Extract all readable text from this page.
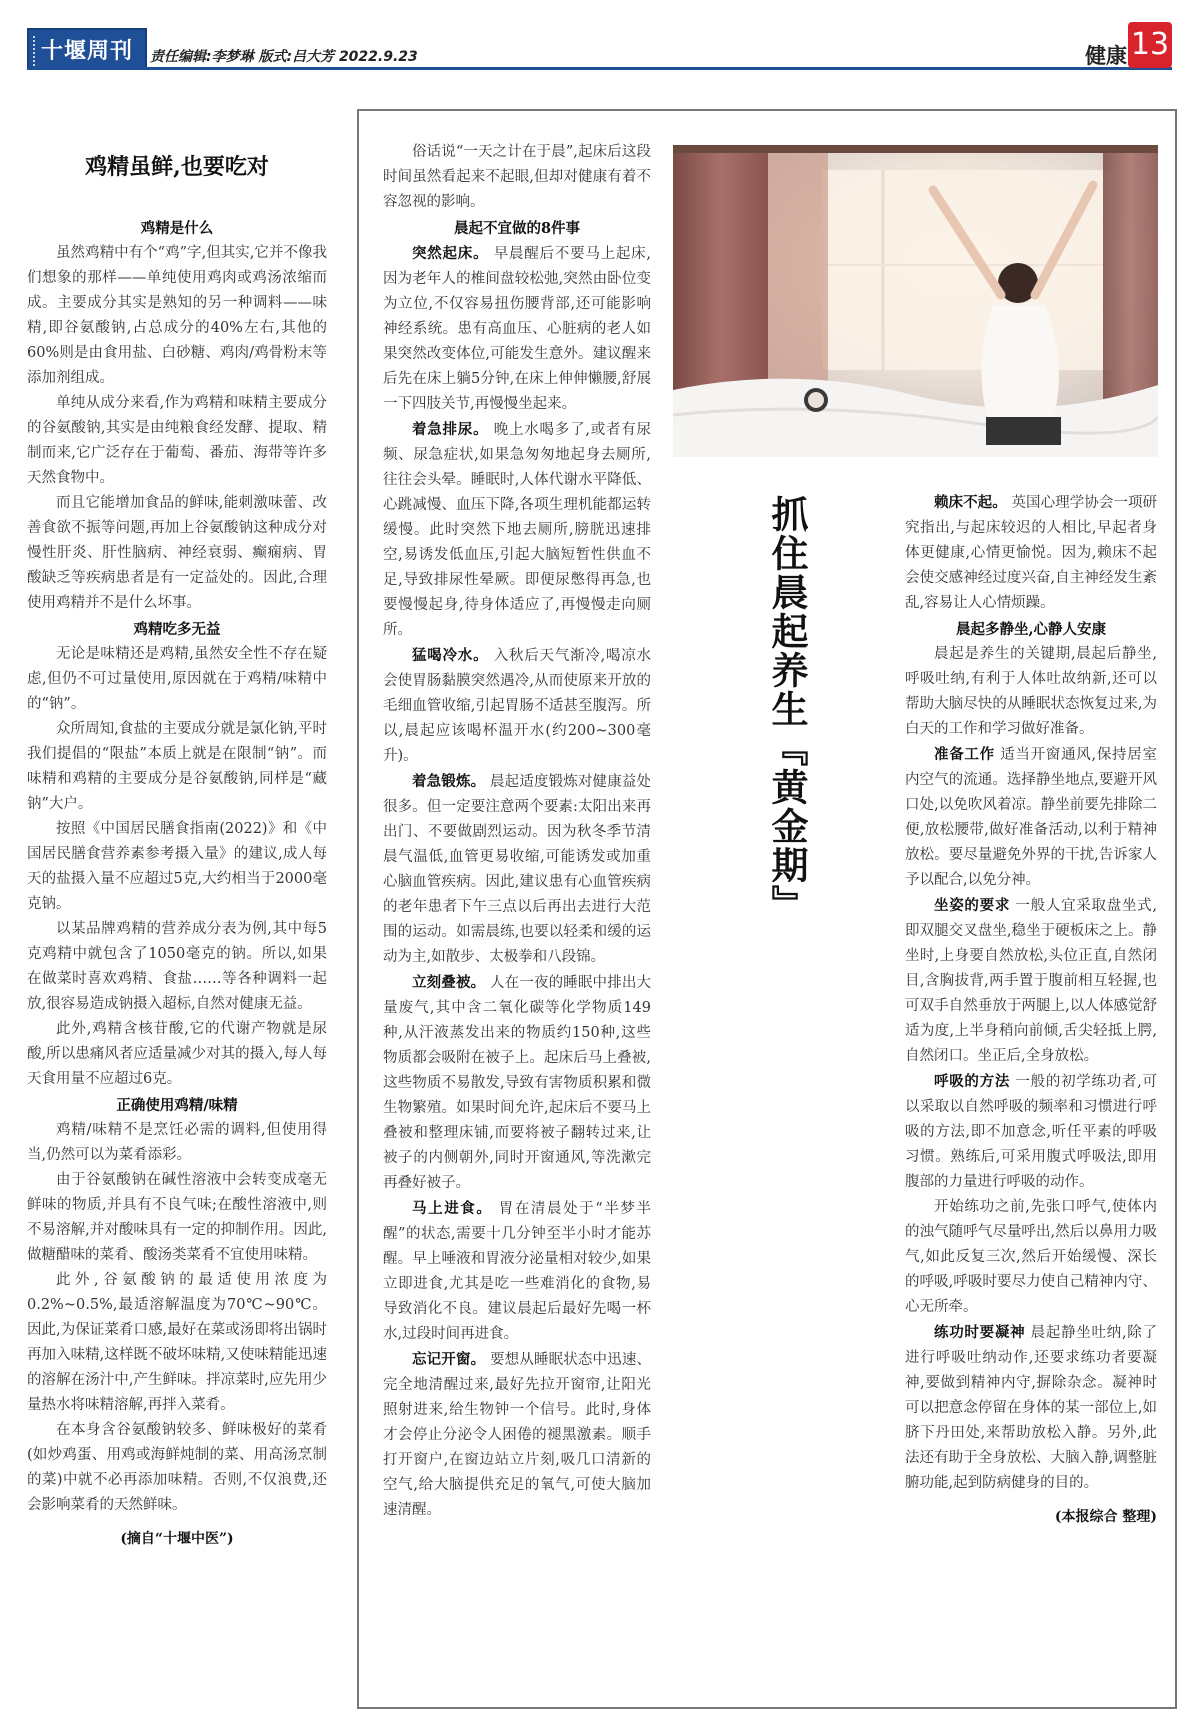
十堰周刊	责任编辑:李梦琳 版式:吕大芳 2022.9.23	健康 13
鸡精虽鲜,也要吃对
鸡精是什么

虽然鸡精中有个“鸡”字,但其实,它并不像我们想象的那样——单纯使用鸡肉或鸡汤浓缩而成。主要成分其实是熟知的另一种调料——味精,即谷氨酸钠,占总成分的40%左右,其他的60%则是由食用盐、白砂糖、鸡肉/鸡骨粉末等添加剂组成。

单纯从成分来看,作为鸡精和味精主要成分的谷氨酸钠,其实是由纯粮食经发酵、提取、精制而来,它广泛存在于葡萄、番茄、海带等许多天然食物中。

而且它能增加食品的鲜味,能刺激味蕾、改善食欲不振等问题,再加上谷氨酸钠这种成分对慢性肝炎、肝性脑病、神经衰弱、癫痫病、胃酸缺乏等疾病患者是有一定益处的。因此,合理使用鸡精并不是什么坏事。

鸡精吃多无益

无论是味精还是鸡精,虽然安全性不存在疑虑,但仍不可过量使用,原因就在于鸡精/味精中的“钠”。

众所周知,食盐的主要成分就是氯化钠,平时我们提倡的“限盐”本质上就是在限制“钠”。而味精和鸡精的主要成分是谷氨酸钠,同样是“藏钠”大户。

按照《中国居民膳食指南(2022)》和《中国居民膳食营养素参考摄入量》的建议,成人每天的盐摄入量不应超过5克,大约相当于2000毫克钠。

以某品牌鸡精的营养成分表为例,其中每5克鸡精中就包含了1050毫克的钠。所以,如果在做菜时喜欢鸡精、食盐……等各种调料一起放,很容易造成钠摄入超标,自然对健康无益。

此外,鸡精含核苷酸,它的代谢产物就是尿酸,所以患痛风者应适量减少对其的摄入,每人每天食用量不应超过6克。

正确使用鸡精/味精

鸡精/味精不是烹饪必需的调料,但使用得当,仍然可以为菜肴添彩。

由于谷氨酸钠在碱性溶液中会转变成毫无鲜味的物质,并具有不良气味;在酸性溶液中,则不易溶解,并对酸味具有一定的抑制作用。因此,做糖醋味的菜肴、酸汤类菜肴不宜使用味精。

此外,谷氨酸钠的最适使用浓度为0.2%~0.5%,最适溶解温度为70℃~90℃。因此,为保证菜肴口感,最好在菜或汤即将出锅时再加入味精,这样既不破坏味精,又使味精能迅速的溶解在汤汁中,产生鲜味。拌凉菜时,应先用少量热水将味精溶解,再拌入菜肴。

在本身含谷氨酸钠较多、鲜味极好的菜肴(如炒鸡蛋、用鸡或海鲜炖制的菜、用高汤烹制的菜)中就不必再添加味精。否则,不仅浪费,还会影响菜肴的天然鲜味。

(摘自“十堰中医”)

俗话说“一天之计在于晨”,起床后这段时间虽然看起来不起眼,但却对健康有着不容忽视的影响。

晨起不宜做的8件事

突然起床。 早晨醒后不要马上起床,因为老年人的椎间盘较松弛,突然由卧位变为立位,不仅容易扭伤腰背部,还可能影响神经系统。患有高血压、心脏病的老人如果突然改变体位,可能发生意外。建议醒来后先在床上躺5分钟,在床上伸伸懒腰,舒展一下四肢关节,再慢慢坐起来。

着急排尿。 晚上水喝多了,或者有尿频、尿急症状,如果急匆匆地起身去厕所,往往会头晕。睡眠时,人体代谢水平降低、心跳减慢、血压下降,各项生理机能都运转缓慢。此时突然下地去厕所,膀胱迅速排空,易诱发低血压,引起大脑短暂性供血不足,导致排尿性晕厥。即便尿憋得再急,也要慢慢起身,待身体适应了,再慢慢走向厕所。

猛喝冷水。 入秋后天气渐冷,喝凉水会使胃肠黏膜突然遇冷,从而使原来开放的毛细血管收缩,引起胃肠不适甚至腹泻。所以,晨起应该喝杯温开水(约200~300毫升)。

着急锻炼。 晨起适度锻炼对健康益处很多。但一定要注意两个要素:太阳出来再出门、不要做剧烈运动。因为秋冬季节清晨气温低,血管更易收缩,可能诱发或加重心脑血管疾病。因此,建议患有心血管疾病的老年患者下午三点以后再出去进行大范围的运动。如需晨练,也要以轻柔和缓的运动为主,如散步、太极拳和八段锦。

立刻叠被。 人在一夜的睡眠中排出大量废气,其中含二氧化碳等化学物质149种,从汗液蒸发出来的物质约150种,这些物质都会吸附在被子上。起床后马上叠被,这些物质不易散发,导致有害物质积累和微生物繁殖。如果时间允许,起床后不要马上叠被和整理床铺,而要将被子翻转过来,让被子的内侧朝外,同时开窗通风,等洗漱完再叠好被子。

马上进食。 胃在清晨处于“半梦半醒”的状态,需要十几分钟至半小时才能苏醒。早上唾液和胃液分泌量相对较少,如果立即进食,尤其是吃一些难消化的食物,易导致消化不良。建议晨起后最好先喝一杯水,过段时间再进食。

忘记开窗。 要想从睡眠状态中迅速、完全地清醒过来,最好先拉开窗帘,让阳光照射进来,给生物钟一个信号。此时,身体才会停止分泌令人困倦的褪黑激素。顺手打开窗户,在窗边站立片刻,吸几口清新的空气,给大脑提供充足的氧气,可使大脑加速清醒。

抓住晨起养生『黄金期』	赖床不起。 英国心理学协会一项研究指出,与起床较迟的人相比,早起者身体更健康,心情更愉悦。因为,赖床不起会使交感神经过度兴奋,自主神经发生紊乱,容易让人心情烦躁。

晨起多静坐,心静人安康

晨起是养生的关键期,晨起后静坐,呼吸吐纳,有利于人体吐故纳新,还可以帮助大脑尽快的从睡眠状态恢复过来,为白天的工作和学习做好准备。

准备工作 适当开窗通风,保持居室内空气的流通。选择静坐地点,要避开风口处,以免吹风着凉。静坐前要先排除二便,放松腰带,做好准备活动,以利于精神放松。要尽量避免外界的干扰,告诉家人予以配合,以免分神。

坐姿的要求 一般人宜采取盘坐式,即双腿交叉盘坐,稳坐于硬板床之上。静坐时,上身要自然放松,头位正直,自然闭目,含胸拔背,两手置于腹前相互轻握,也可双手自然垂放于两腿上,以人体感觉舒适为度,上半身稍向前倾,舌尖轻抵上腭,自然闭口。坐正后,全身放松。

呼吸的方法 一般的初学练功者,可以采取以自然呼吸的频率和习惯进行呼吸的方法,即不加意念,听任平素的呼吸习惯。熟练后,可采用腹式呼吸法,即用腹部的力量进行呼吸的动作。

开始练功之前,先张口呼气,使体内的浊气随呼气尽量呼出,然后以鼻用力吸气,如此反复三次,然后开始缓慢、深长的呼吸,呼吸时要尽力使自己精神内守、心无所牵。

练功时要凝神 晨起静坐吐纳,除了进行呼吸吐纳动作,还要求练功者要凝神,要做到精神内守,摒除杂念。凝神时可以把意念停留在身体的某一部位上,如脐下丹田处,来帮助放松入静。另外,此法还有助于全身放松、大脑入静,调整脏腑功能,起到防病健身的目的。

(本报综合 整理)
